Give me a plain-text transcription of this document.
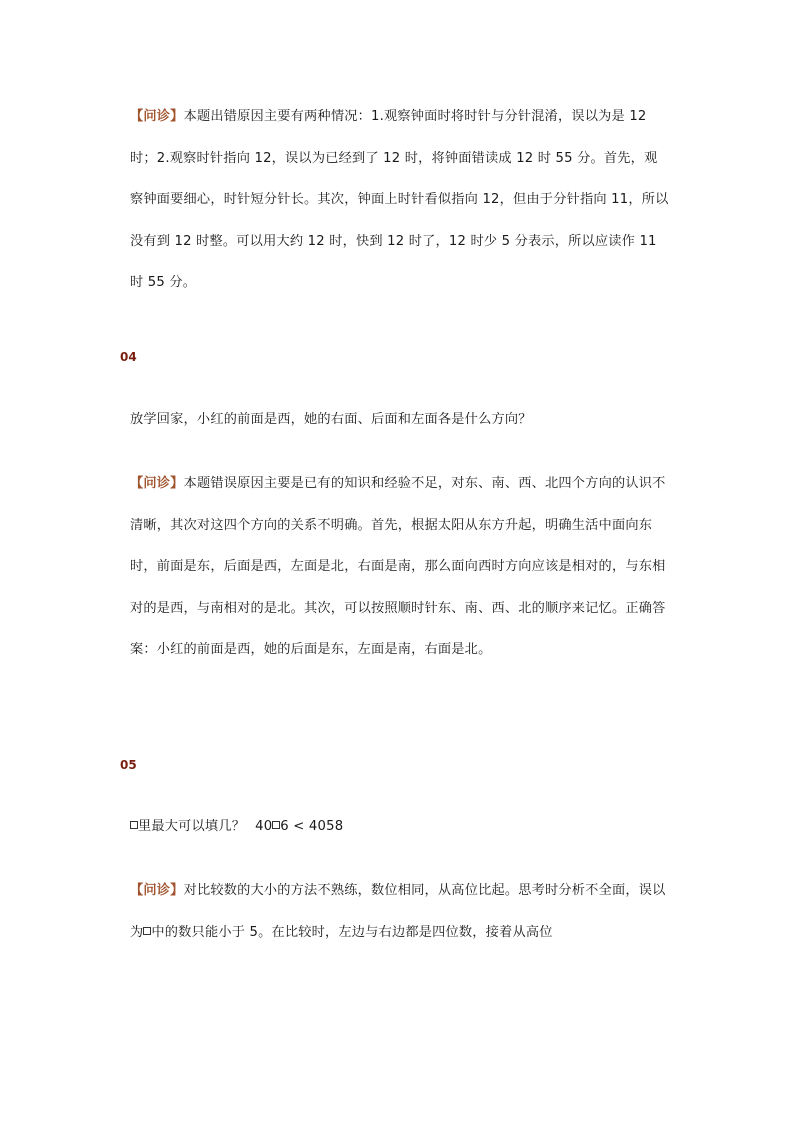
【问诊】本题出错原因主要有两种情况：1.观察钟面时将时针与分针混淆，误以为是 12 时；2.观察时针指向 12，误以为已经到了 12 时，将钟面错读成 12 时 55 分。首先，观察钟面要细心，时针短分针长。其次，钟面上时针看似指向 12，但由于分针指向 11，所以没有到 12 时整。可以用大约 12 时，快到 12 时了，12 时少 5 分表示，所以应读作 11 时 55 分。

04

放学回家，小红的前面是西，她的右面、后面和左面各是什么方向？

【问诊】本题错误原因主要是已有的知识和经验不足，对东、南、西、北四个方向的认识不清晰，其次对这四个方向的关系不明确。首先，根据太阳从东方升起，明确生活中面向东时，前面是东，后面是西，左面是北，右面是南，那么面向西时方向应该是相对的，与东相对的是西，与南相对的是北。其次，可以按照顺时针东、南、西、北的顺序来记忆。正确答案：小红的前面是西，她的后面是东，左面是南，右面是北。

05

里最大可以填几？ 40 6 < 4058

【问诊】对比较数的大小的方法不熟练，数位相同，从高位比起。思考时分析不全面，误以为 中的数只能小于 5。在比较时，左边与右边都是四位数，接着从高位
